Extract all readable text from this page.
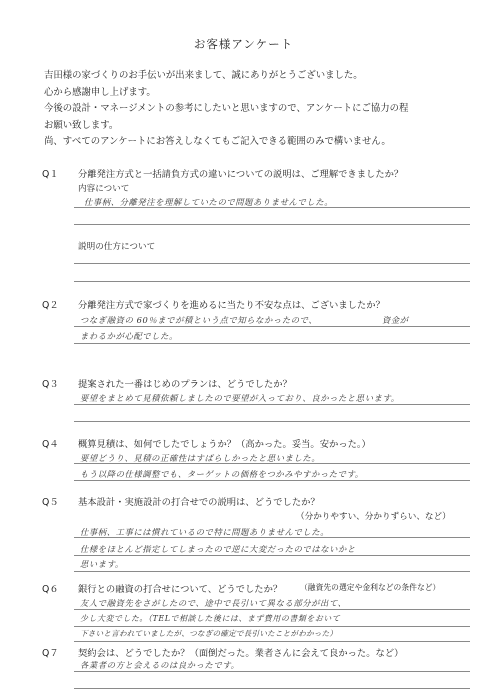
お客様アンケート
吉田様の家づくりのお手伝いが出来まして、誠にありがとうございました。
心から感謝申し上げます。
今後の設計・マネージメントの参考にしたいと思いますので、アンケートにご協力の程
お願い致します。
尚、すべてのアンケートにお答えしなくてもご記入できる範囲のみで構いません。
Q１ 分離発注方式と一括請負方式の違いについての説明は、ご理解できましたか？
内容について
仕事柄、分離発注を理解していたので問題ありませんでした。
説明の仕方について
Q２ 分離発注方式で家づくりを進めるに当たり不安な点は、ございましたか？
つなぎ融資の 60％までが積という点で知らなかったので、	資金が
まわるかが心配でした。
Q３ 提案された一番はじめのプランは、どうでしたか？
要望をまとめて見積依頼しましたので要望が入っており、良かったと思います。
Q４ 概算見積は、如何でしたでしょうか？（高かった。妥当。安かった。）
要望どうり、見積の正確性はすばらしかったと思いました。
もう以降の仕様調整でも、ターゲットの価格をつかみやすかったです。
Q５ 基本設計・実施設計の打合せでの説明は、どうでしたか？
（分かりやすい、分かりずらい、など）
仕事柄、工事には慣れているので特に問題ありませんでした。
仕様をほとんど指定してしまったので逆に大変だったのではないかと
思います。
Q６ 銀行との融資の打合せについて、どうでしたか？ （融資先の選定や金利などの条件など）
友人で融資先をさがしたので、途中で長引いて異なる部分が出て、
少し大変でした。（TELで相談した後には、まず費用の書類をおいて
下さいと言われていましたが、つなぎの確定で長引いたことがわかった）
Q７ 契約会は、どうでしたか？（面倒だった。業者さんに会えて良かった。など）
各業者の方と会えるのは良かったです。
